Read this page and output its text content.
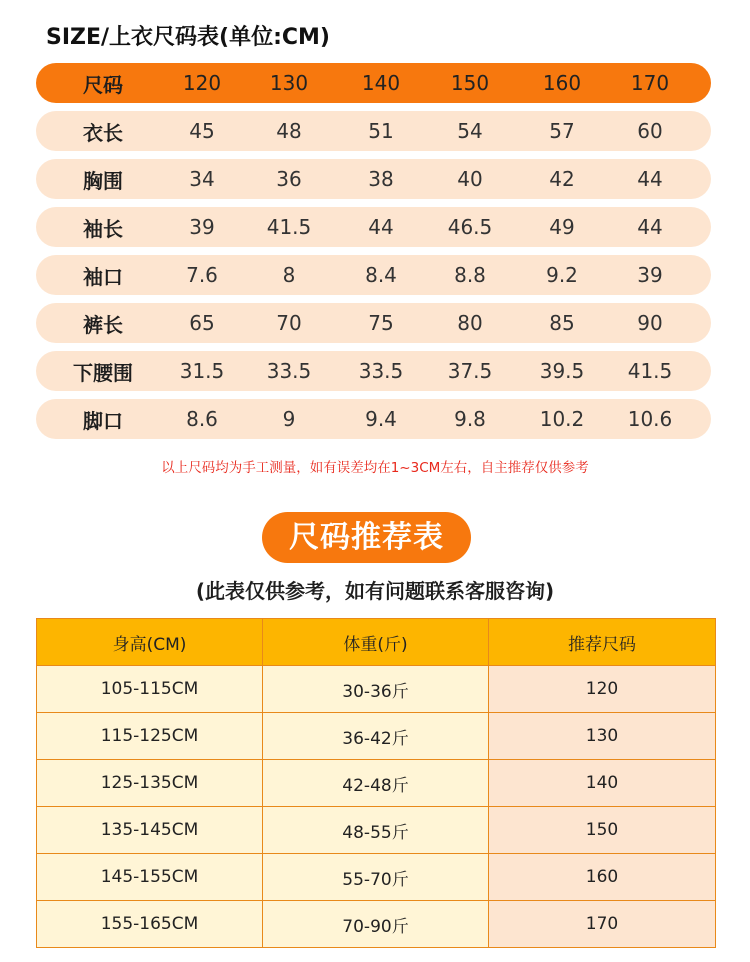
SIZE/上衣尺码表(单位:CM)
尺码	120	130	140	150	160	170
衣长	45	48	51	54	57	60
胸围	34	36	38	40	42	44
袖长	39	41.5	44	46.5	49	44
袖口	7.6	8	8.4	8.8	9.2	39
裤长	65	70	75	80	85	90
下腰围	31.5	33.5	33.5	37.5	39.5	41.5
脚口	8.6	9	9.4	9.8	10.2	10.6
以上尺码均为手工测量，如有误差均在1~3CM左右，自主推荐仅供参考
尺码推荐表
(此表仅供参考，如有问题联系客服咨询)
身高(CM)	体重(斤)	推荐尺码
105-115CM	30-36斤	120
115-125CM	36-42斤	130
125-135CM	42-48斤	140
135-145CM	48-55斤	150
145-155CM	55-70斤	160
155-165CM	70-90斤	170
